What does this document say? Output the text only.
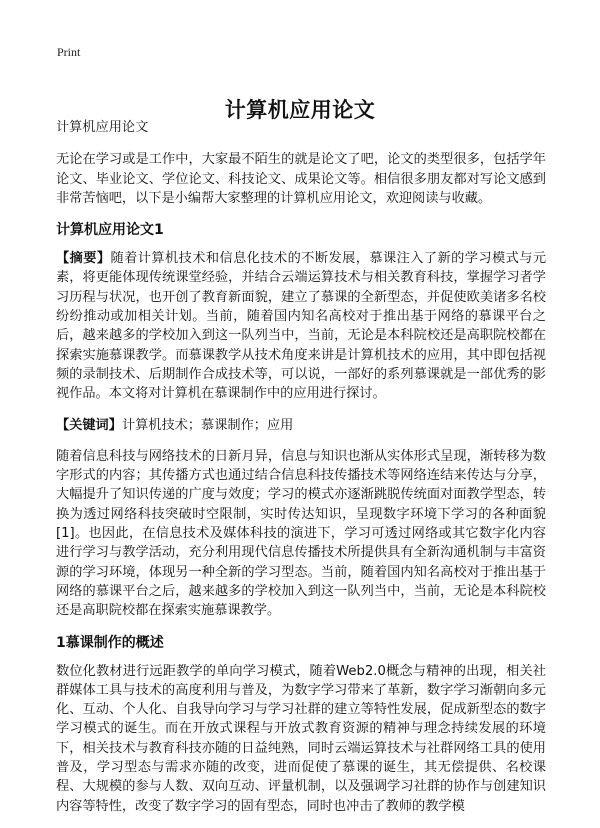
Print
计算机应用论文

计算机应用论文

无论在学习或是工作中，大家最不陌生的就是论文了吧，论文的类型很多，包括学年论文、毕业论文、学位论文、科技论文、成果论文等。相信很多朋友都对写论文感到非常苦恼吧，以下是小编帮大家整理的计算机应用论文，欢迎阅读与收藏。

计算机应用论文1

【摘要】随着计算机技术和信息化技术的不断发展，慕课注入了新的学习模式与元素，将更能体现传统课堂经验，并结合云端运算技术与相关教育科技，掌握学习者学习历程与状况，也开创了教育新面貌，建立了慕课的全新型态，并促使欧美诸多名校纷纷推动或加相关计划。当前，随着国内知名高校对于推出基于网络的慕课平台之后，越来越多的学校加入到这一队列当中，当前，无论是本科院校还是高职院校都在探索实施慕课教学。而慕课教学从技术角度来讲是计算机技术的应用，其中即包括视频的录制技术、后期制作合成技术等，可以说，一部好的系列慕课就是一部优秀的影视作品。本文将对计算机在慕课制作中的应用进行探讨。

【关键词】计算机技术；慕课制作；应用

随着信息科技与网络技术的日新月异，信息与知识也渐从实体形式呈现，渐转移为数字形式的内容；其传播方式也通过结合信息科技传播技术等网络连结来传达与分享，大幅提升了知识传递的广度与效度；学习的模式亦逐渐跳脱传统面对面教学型态，转换为透过网络科技突破时空限制，实时传达知识，呈现数字环境下学习的各种面貌[1]。也因此，在信息技术及媒体科技的演进下，学习可透过网络或其它数字化内容进行学习与教学活动，充分利用现代信息传播技术所提供具有全新沟通机制与丰富资源的学习环境，体现另一种全新的学习型态。当前，随着国内知名高校对于推出基于网络的慕课平台之后，越来越多的学校加入到这一队列当中，当前，无论是本科院校还是高职院校都在探索实施慕课教学。

1慕课制作的概述

数位化教材进行远距教学的单向学习模式，随着Web2.0概念与精神的出现，相关社群媒体工具与技术的高度利用与普及，为数字学习带来了革新，数字学习渐朝向多元化、互动、个人化、自我导向学习与学习社群的建立等特性发展，促成新型态的数字学习模式的诞生。而在开放式课程与开放式教育资源的精神与理念持续发展的环境下，相关技术与教育科技亦随的日益纯熟，同时云端运算技术与社群网络工具的使用普及，学习型态与需求亦随的改变，进而促使了慕课的诞生，其无偿提供、名校课程、大规模的参与人数、双向互动、评量机制，以及强调学习社群的协作与创建知识内容等特性，改变了数字学习的固有型态，同时也冲击了教师的教学模
